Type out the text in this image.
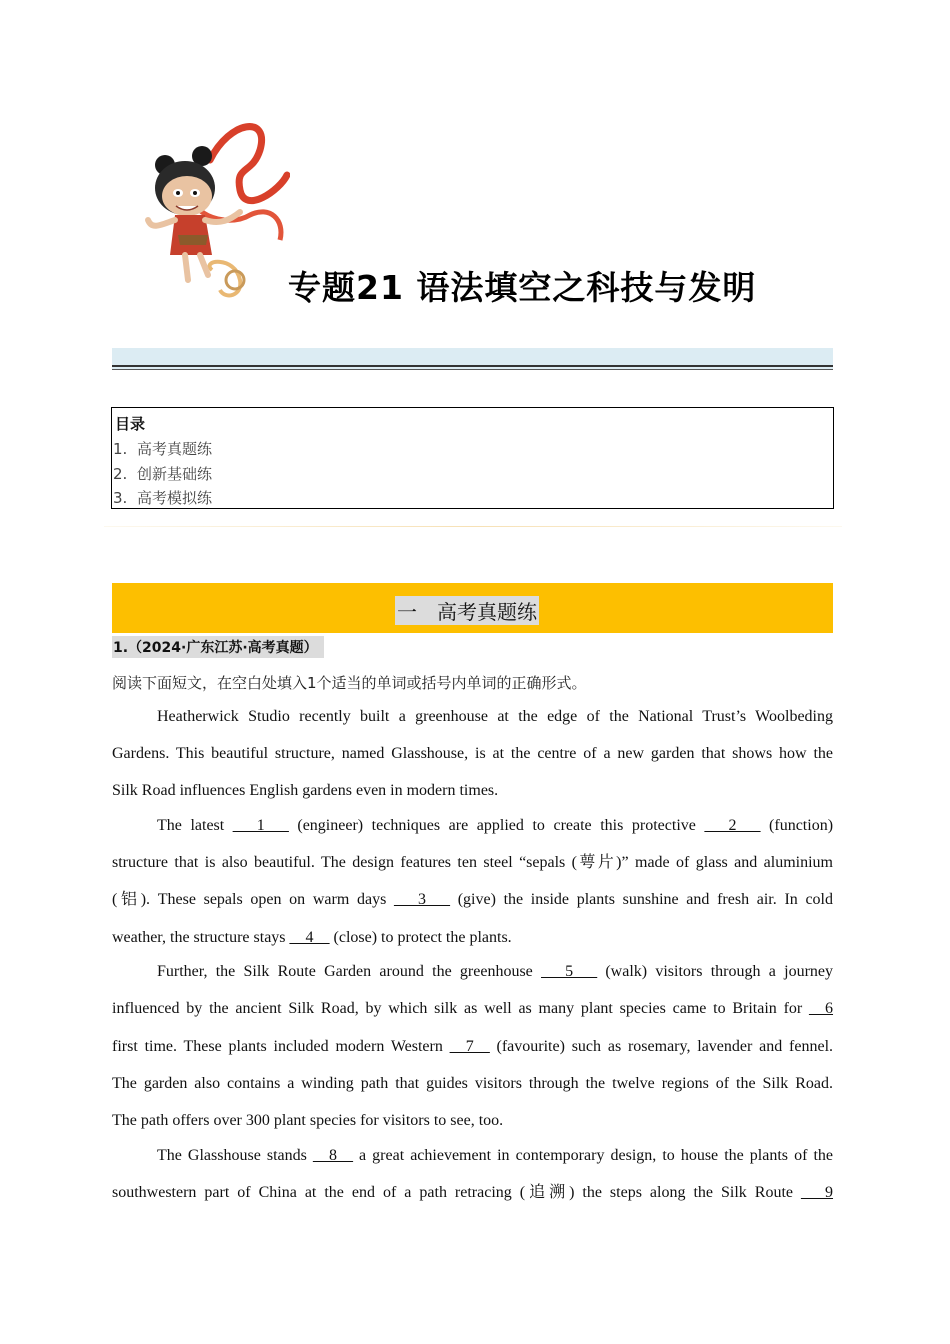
专题21 语法填空之科技与发明
目录
1. 高考真题练
2. 创新基础练
3. 高考模拟练
一　高考真题练
1.（2024·广东江苏·高考真题）
阅读下面短文，在空白处填入1个适当的单词或括号内单词的正确形式。
Heatherwick Studio recently built a greenhouse at the edge of the National Trust’s Woolbeding
Gardens. This beautiful structure, named Glasshouse, is at the centre of a new garden that shows how the
Silk Road influences English gardens even in modern times.
The latest ___1___ (engineer) techniques are applied to create this protective ___2___ (function)
structure that is also beautiful. The design features ten steel “sepals (萼片)” made of glass and aluminium
(铝). These sepals open on warm days ___3___ (give) the inside plants sunshine and fresh air. In cold
weather, the structure stays __4__ (close) to protect the plants.
Further, the Silk Route Garden around the greenhouse ___5___ (walk) visitors through a journey
influenced by the ancient Silk Road, by which silk as well as many plant species came to Britain for __6
first time. These plants included modern Western __7__ (favourite) such as rosemary, lavender and fennel.
The garden also contains a winding path that guides visitors through the twelve regions of the Silk Road.
The path offers over 300 plant species for visitors to see, too.
The Glasshouse stands __8__ a great achievement in contemporary design, to house the plants of the
southwestern part of China at the end of a path retracing (追溯) the steps along the Silk Route ___9
